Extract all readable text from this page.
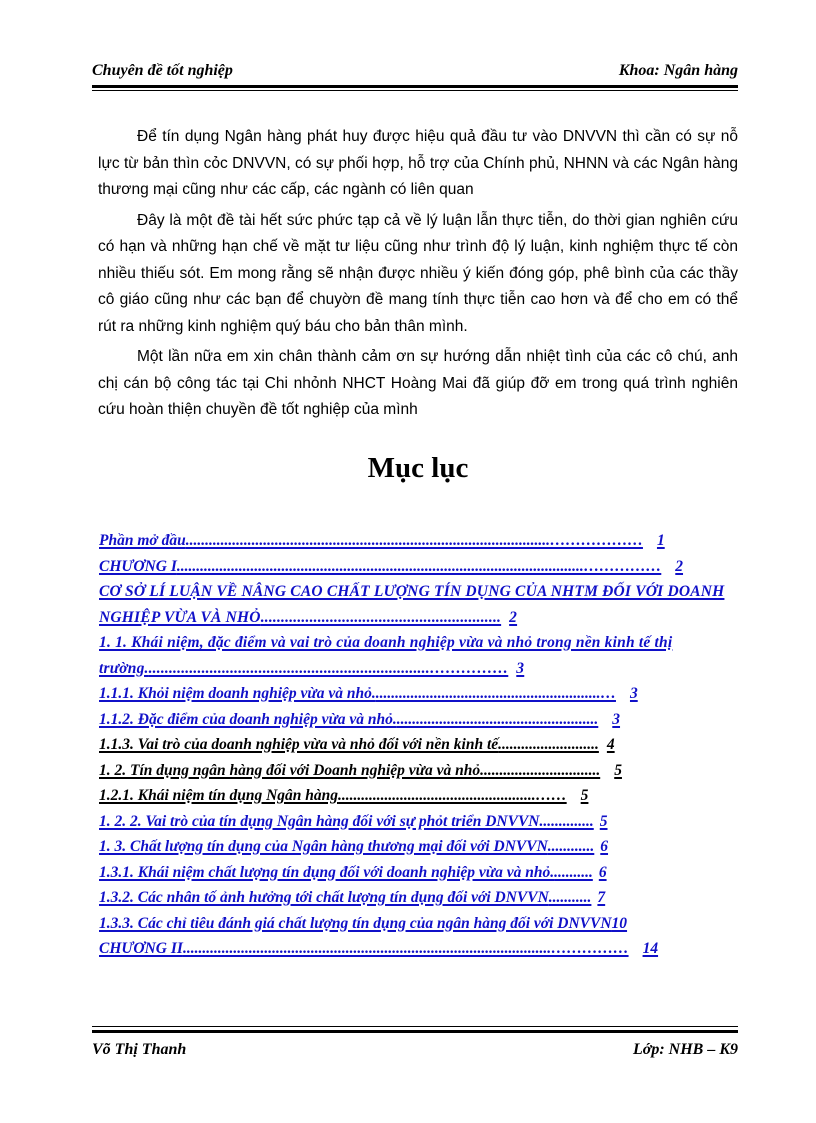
Chuyên đề tốt nghiệp	Khoa: Ngân hàng

Để tín dụng Ngân hàng phát huy được hiệu quả đầu tư vào DNVVN thì cần có sự nỗ lực từ bản thìn cỏc DNVVN, có sự phối hợp, hỗ trợ của Chính phủ, NHNN và các Ngân hàng thương mại cũng như các cấp, các ngành có liên quan

Đây là một đề tài hết sức phức tạp cả về lý luận lẫn thực tiễn, do thời gian nghiên cứu có hạn và những hạn chế về mặt tư liệu cũng như trình độ lý luận, kinh nghiệm thực tế còn nhiều thiếu sót. Em mong rằng sẽ nhận được nhiều ý kiến đóng góp, phê bình của các thầy cô giáo cũng như các bạn để chuyờn đề mang tính thực tiễn cao hơn và để cho em có thể rút ra những kinh nghiệm quý báu cho bản thân mình.

Một lần nữa em xin chân thành cảm ơn sự hướng dẫn nhiệt tình của các cô chú, anh chị cán bộ công tác tại Chi nhỏnh NHCT Hoàng Mai đã giúp đỡ em trong quá trình nghiên cứu hoàn thiện chuyền đề tốt nghiệp của mình

Mục lục
Phần mở đầu..............................................................................................……………… 1
CHƯƠNG I.........................................................................................................…………… 2
CƠ SỞ LÍ LUẬN VỀ NÂNG CAO CHẤT LƯỢNG TÍN DỤNG CỦA NHTM ĐỐI VỚI DOANH NGHIỆP VỪA VÀ NHỎ........................................................... 2
1. 1. Khái niệm, đặc điểm và vai trò của doanh nghiệp vừa và nhỏ trong nền kinh tế thị trường......................................................................…………… 3
1.1.1. Khỏi niệm doanh nghiệp vừa và nhỏ...........................................................… 3
1.1.2. Đặc điểm của doanh nghiệp vừa và nhỏ..................................................... 3
1.1.3. Vai trò của doanh nghiệp vừa và nhỏ đối với nền kinh tế.......................... 4
1. 2. Tín dụng ngân hàng đối với Doanh nghiệp vừa và nhỏ............................... 5
1.2.1. Khái niệm tín dụng Ngân hàng...................................................…… 5
1. 2. 2. Vai trò của tín dụng Ngân hàng đối với sự phỏt triển DNVVN.............. 5
1. 3. Chất lượng tín dụng của Ngân hàng thương mại đối với DNVVN............ 6
1.3.1. Khái niệm chất lượng tín dụng đối với doanh nghiệp vừa và nhỏ........... 6
1.3.2. Các nhân tố ảnh hưởng tới chất lượng tín dụng đối với DNVVN........... 7
1.3.3. Các chỉ tiêu đánh giá chất lượng tín dụng của ngân hàng đối với DNVVN10
CHƯƠNG II...............................................................................................…………… 14
Võ Thị Thanh	Lớp: NHB – K9
